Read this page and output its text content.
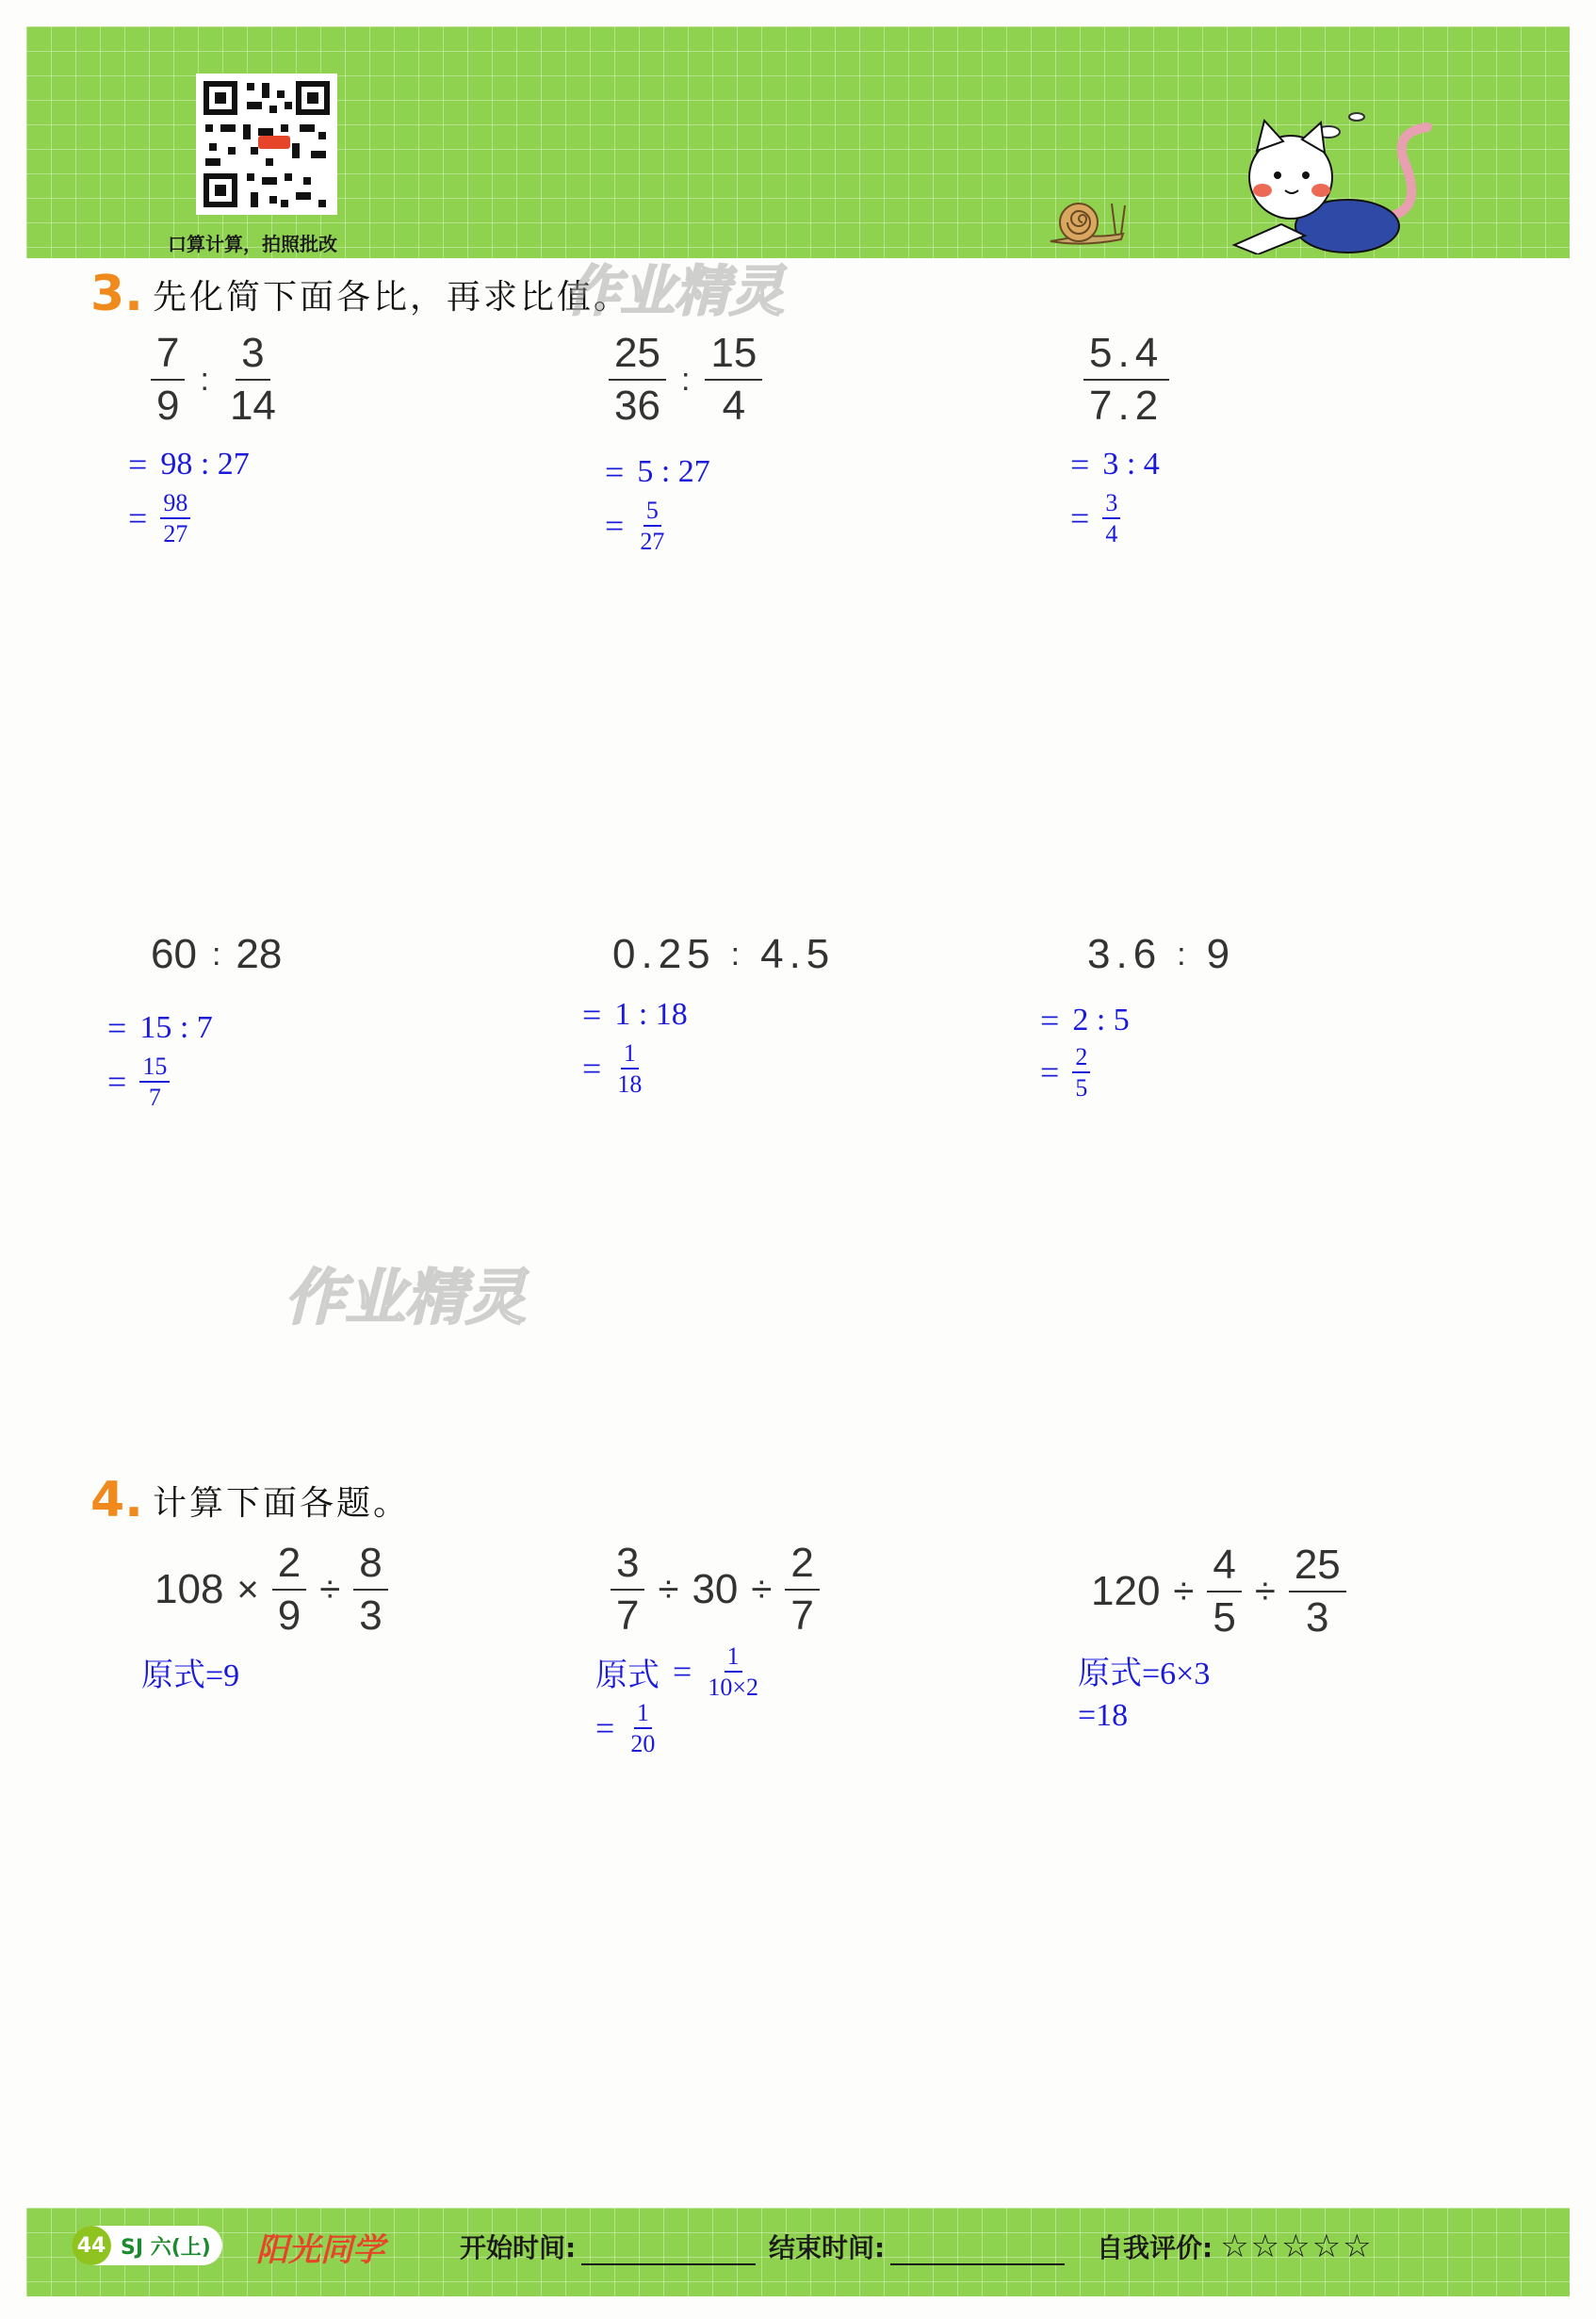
口算计算，拍照批改
3. 先化简下面各比，再求比值。
$\frac{7}{9}$ : $\frac{3}{14}$	$\frac{25}{36}$ : $\frac{15}{4}$	$\frac{5.4}{7.2}$
= 98 : 27
= $\frac{98}{27}$
= 5 : 27
= $\frac{5}{27}$
= 3 : 4
= $\frac{3}{4}$
60 : 28	0.25 : 4.5	3.6 : 9
= 15 : 7
= $\frac{15}{7}$
= 1 : 18
= $\frac{1}{18}$
= 2 : 5
= $\frac{2}{5}$
作业精灵
作业精灵
4. 计算下面各题。
$108 \times \frac{2}{9} \div \frac{8}{3}$	$\frac{3}{7} \div 30 \div \frac{2}{7}$	$120 \div \frac{4}{5} \div \frac{25}{3}$
原式=9	原式 = $\frac{1}{10\times 2}$
= $\frac{1}{20}$
原式=6×3
=18
44 SJ 六(上) 阳光同学	开始时间:	结束时间:	自我评价: ☆☆☆☆☆
